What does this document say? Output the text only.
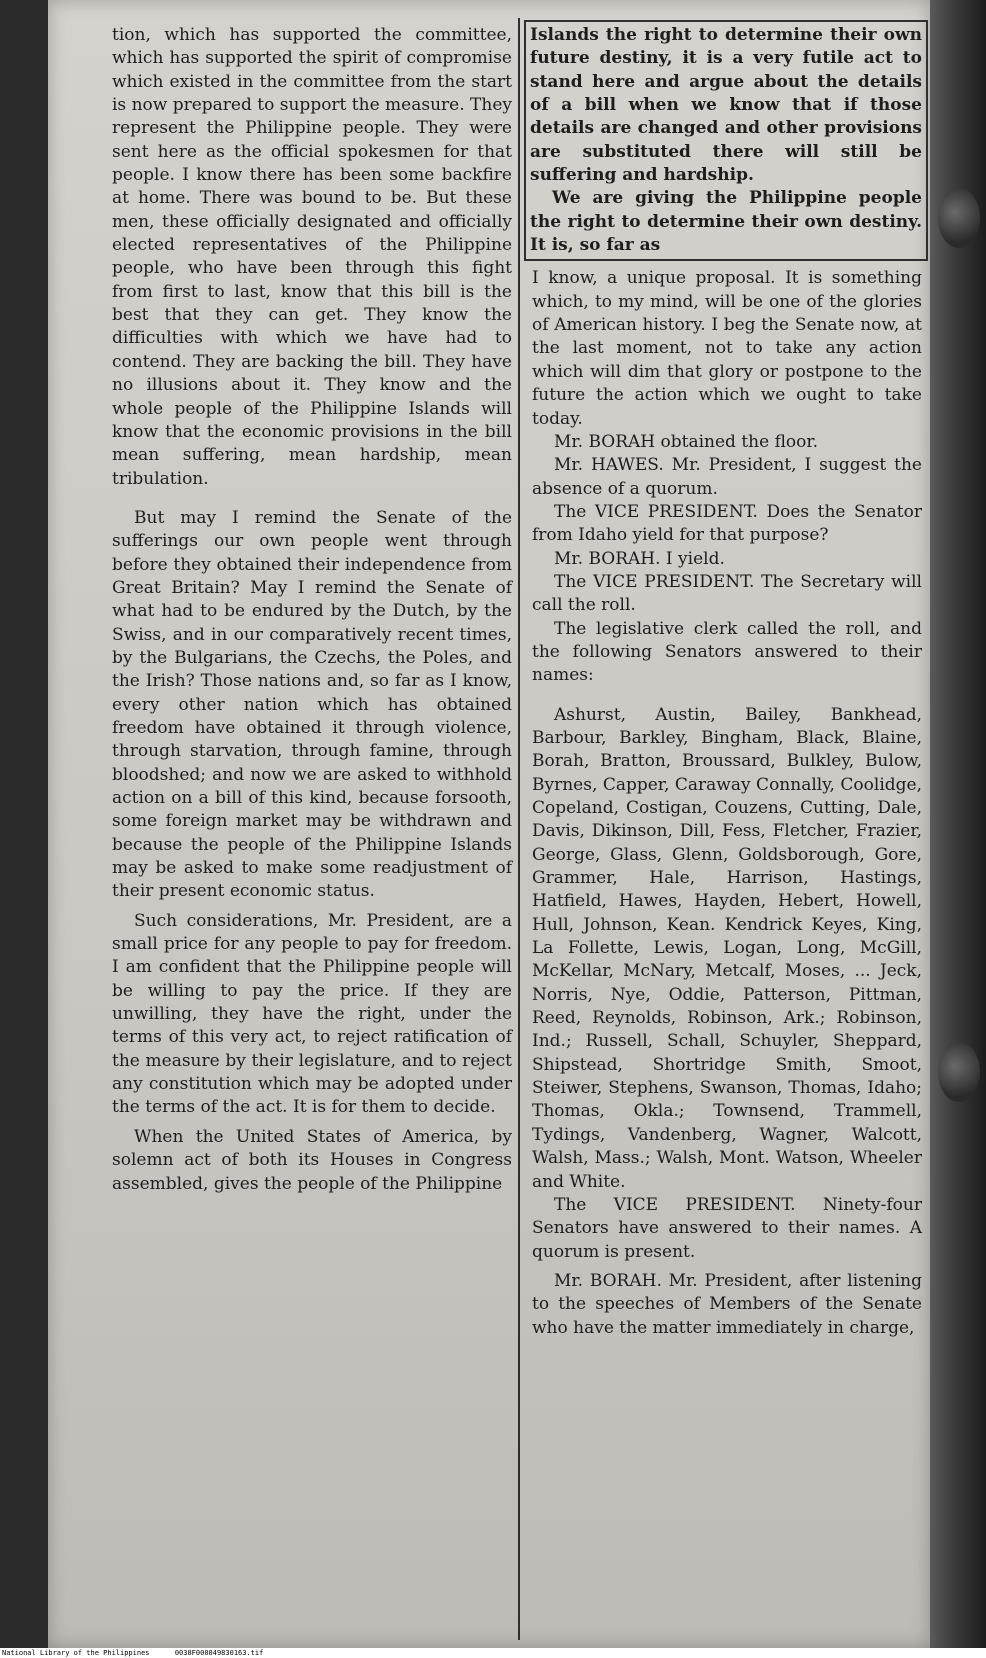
tion, which has supported the committee, which has supported the spirit of compromise which existed in the committee from the start is now prepared to support the measure. They represent the Philippine people. They were sent here as the official spokesmen for that people. I know there has been some backfire at home. There was bound to be. But these men, these officially designated and officially elected representatives of the Philippine people, who have been through this fight from first to last, know that this bill is the best that they can get. They know the difficulties with which we have had to contend. They are backing the bill. They have no illusions about it. They know and the whole people of the Philippine Islands will know that the economic provisions in the bill mean suffering, mean hardship, mean tribulation.

But may I remind the Senate of the sufferings our own people went through before they obtained their independence from Great Britain? May I remind the Senate of what had to be endured by the Dutch, by the Swiss, and in our comparatively recent times, by the Bulgarians, the Czechs, the Poles, and the Irish? Those nations and, so far as I know, every other nation which has obtained freedom have obtained it through violence, through starvation, through famine, through bloodshed; and now we are asked to withhold action on a bill of this kind, because forsooth, some foreign market may be withdrawn and because the people of the Philippine Islands may be asked to make some readjustment of their present economic status.

Such considerations, Mr. President, are a small price for any people to pay for freedom. I am confident that the Philippine people will be willing to pay the price. If they are unwilling, they have the right, under the terms of this very act, to reject ratification of the measure by their legislature, and to reject any constitution which may be adopted under the terms of the act. It is for them to decide.

When the United States of America, by solemn act of both its Houses in Congress assembled, gives the people of the Philippine

Islands the right to determine their own future destiny, it is a very futile act to stand here and argue about the details of a bill when we know that if those details are changed and other provisions are substituted there will still be suffering and hardship.

We are giving the Philippine people the right to determine their own destiny. It is, so far as

I know, a unique proposal. It is something which, to my mind, will be one of the glories of American history. I beg the Senate now, at the last moment, not to take any action which will dim that glory or postpone to the future the action which we ought to take today.

Mr. BORAH obtained the floor.

Mr. HAWES. Mr. President, I suggest the absence of a quorum.

The VICE PRESIDENT. Does the Senator from Idaho yield for that purpose?

Mr. BORAH. I yield.

The VICE PRESIDENT. The Secretary will call the roll.

The legislative clerk called the roll, and the following Senators answered to their names:

Ashurst, Austin, Bailey, Bankhead, Barbour, Barkley, Bingham, Black, Blaine, Borah, Bratton, Broussard, Bulkley, Bulow, Byrnes, Capper, Caraway Connally, Coolidge, Copeland, Costigan, Couzens, Cutting, Dale, Davis, Dikinson, Dill, Fess, Fletcher, Frazier, George, Glass, Glenn, Goldsborough, Gore, Grammer, Hale, Harrison, Hastings, Hatfield, Hawes, Hayden, Hebert, Howell, Hull, Johnson, Kean. Kendrick Keyes, King, La Follette, Lewis, Logan, Long, McGill, McKellar, McNary, Metcalf, Moses, ... Jeck, Norris, Nye, Oddie, Patterson, Pittman, Reed, Reynolds, Robinson, Ark.; Robinson, Ind.; Russell, Schall, Schuyler, Sheppard, Shipstead, Shortridge Smith, Smoot, Steiwer, Stephens, Swanson, Thomas, Idaho; Thomas, Okla.; Townsend, Trammell, Tydings, Vandenberg, Wagner, Walcott, Walsh, Mass.; Walsh, Mont. Watson, Wheeler and White.

The VICE PRESIDENT. Ninety-four Senators have answered to their names. A quorum is present.

Mr. BORAH. Mr. President, after listening to the speeches of Members of the Senate who have the matter immediately in charge,

National Library of the Philippines	0038F000049830163.tif
